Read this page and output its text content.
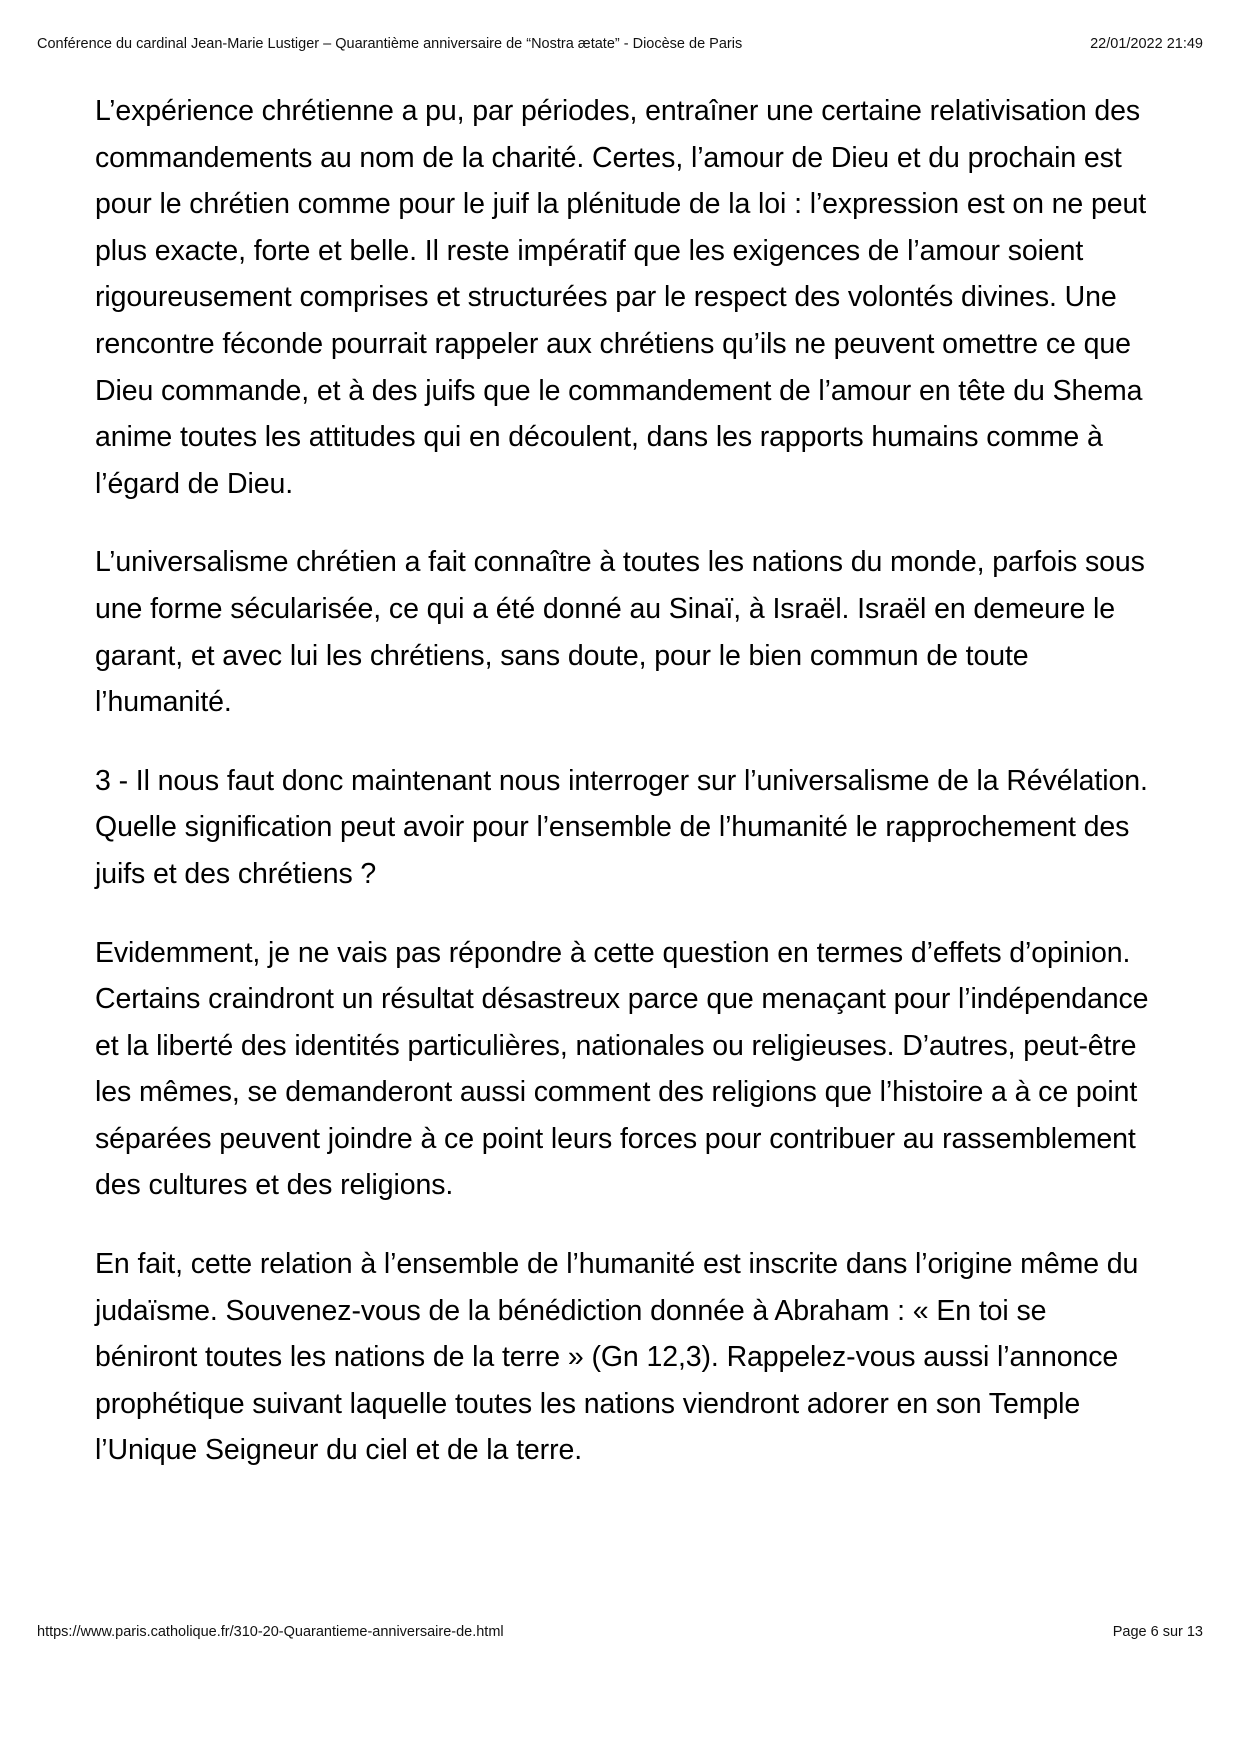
Conférence du cardinal Jean-Marie Lustiger – Quarantième anniversaire de “Nostra ætate” - Diocèse de Paris	22/01/2022 21:49

L’expérience chrétienne a pu, par périodes, entraîner une certaine relativisation des commandements au nom de la charité. Certes, l’amour de Dieu et du prochain est pour le chrétien comme pour le juif la plénitude de la loi : l’expression est on ne peut plus exacte, forte et belle. Il reste impératif que les exigences de l’amour soient rigoureusement comprises et structurées par le respect des volontés divines. Une rencontre féconde pourrait rappeler aux chrétiens qu’ils ne peuvent omettre ce que Dieu commande, et à des juifs que le commandement de l’amour en tête du Shema anime toutes les attitudes qui en découlent, dans les rapports humains comme à l’égard de Dieu.

L’universalisme chrétien a fait connaître à toutes les nations du monde, parfois sous une forme sécularisée, ce qui a été donné au Sinaï, à Israël. Israël en demeure le garant, et avec lui les chrétiens, sans doute, pour le bien commun de toute l’humanité.

3 - Il nous faut donc maintenant nous interroger sur l’universalisme de la Révélation. Quelle signification peut avoir pour l’ensemble de l’humanité le rapprochement des juifs et des chrétiens ?

Evidemment, je ne vais pas répondre à cette question en termes d’effets d’opinion. Certains craindront un résultat désastreux parce que menaçant pour l’indépendance et la liberté des identités particulières, nationales ou religieuses. D’autres, peut-être les mêmes, se demanderont aussi comment des religions que l’histoire a à ce point séparées peuvent joindre à ce point leurs forces pour contribuer au rassemblement des cultures et des religions.

En fait, cette relation à l’ensemble de l’humanité est inscrite dans l’origine même du judaïsme. Souvenez-vous de la bénédiction donnée à Abraham : « En toi se béniront toutes les nations de la terre » (Gn 12,3). Rappelez-vous aussi l’annonce prophétique suivant laquelle toutes les nations viendront adorer en son Temple l’Unique Seigneur du ciel et de la terre.

https://www.paris.catholique.fr/310-20-Quarantieme-anniversaire-de.html	Page 6 sur 13
